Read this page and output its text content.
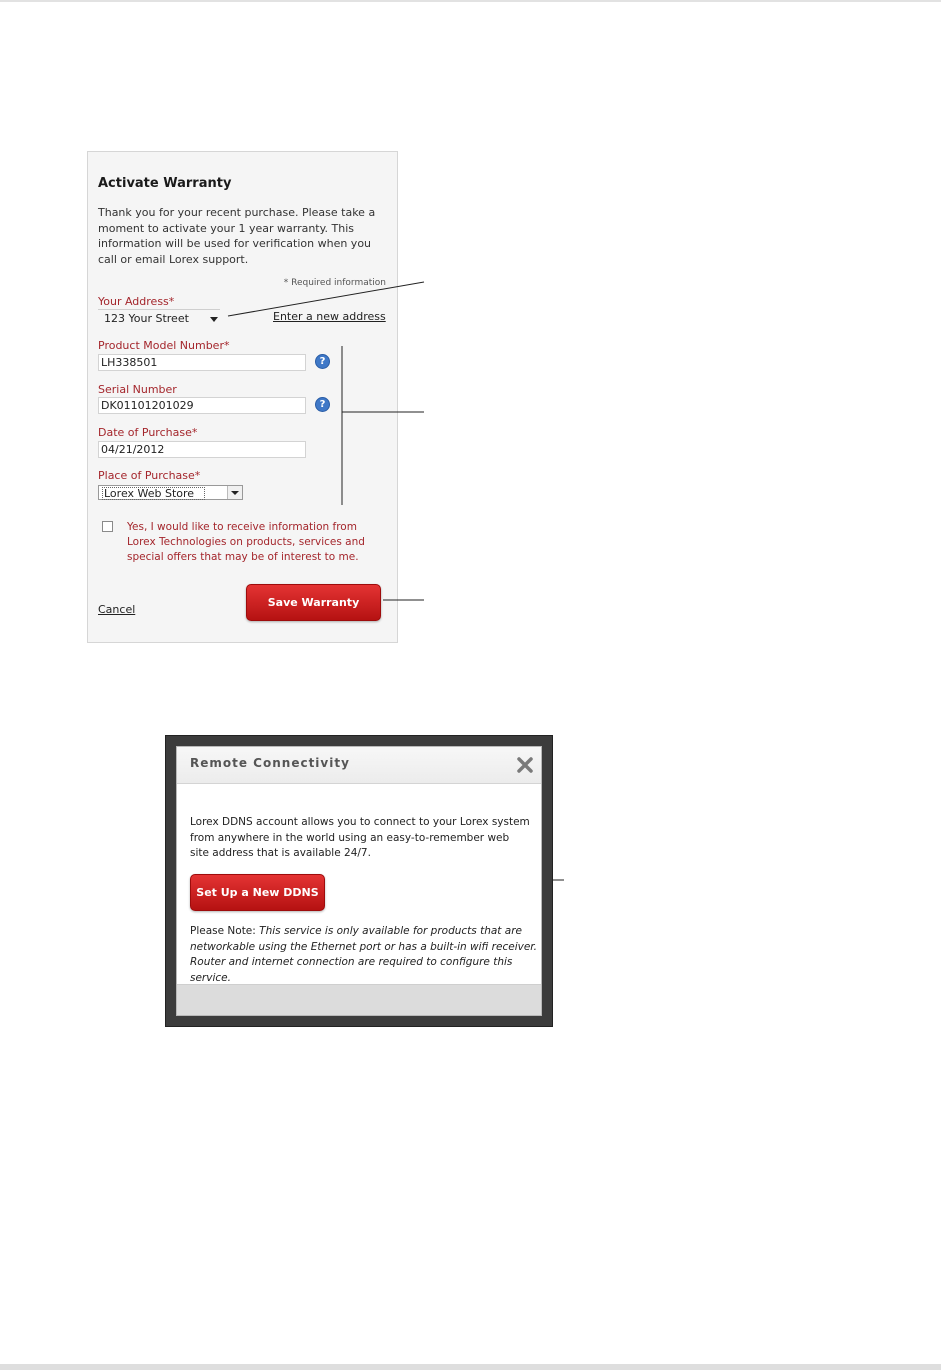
Activate Warranty

Thank you for your recent purchase. Please take a moment to activate your 1 year warranty. This information will be used for verification when you call or email Lorex support.

* Required information
Your Address*
123 Your Street	Enter a new address
Product Model Number*
LH338501
?
Serial Number
DK01101201029
?
Date of Purchase*
04/21/2012
Place of Purchase*
Lorex Web Store

Yes, I would like to receive information from Lorex Technologies on products, services and special offers that may be of interest to me.

Cancel
Save Warranty
Remote Connectivity

Lorex DDNS account allows you to connect to your Lorex system from anywhere in the world using an easy-to-remember web site address that is available 24/7.

Set Up a New DDNS

Please Note: This service is only available for products that are networkable using the Ethernet port or has a built-in wifi receiver. Router and internet connection are required to configure this service.
